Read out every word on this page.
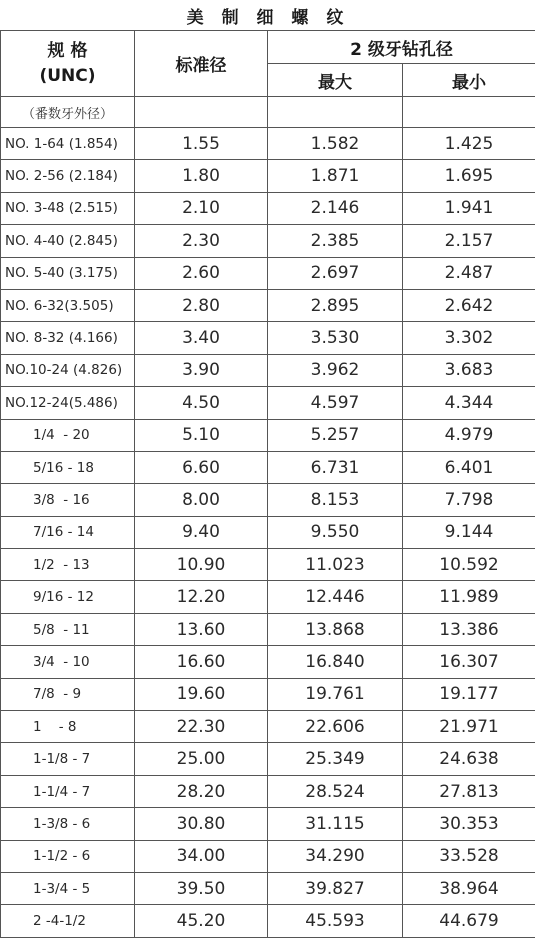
美 制 细 螺 纹			

规 格
(UNC)	标准径	2 级牙钻孔径	
		最大	最小
（番数牙外径）			
NO. 1-64 (1.854)	1.55	1.582	1.425
NO. 2-56 (2.184)	1.80	1.871	1.695
NO. 3-48 (2.515)	2.10	2.146	1.941
NO. 4-40 (2.845)	2.30	2.385	2.157
NO. 5-40 (3.175)	2.60	2.697	2.487
NO. 6-32(3.505)	2.80	2.895	2.642
NO. 8-32 (4.166)	3.40	3.530	3.302
NO.10-24 (4.826)	3.90	3.962	3.683
NO.12-24(5.486)	4.50	4.597	4.344
1/4  - 20	5.10	5.257	4.979
5/16 - 18	6.60	6.731	6.401
3/8  - 16	8.00	8.153	7.798
7/16 - 14	9.40	9.550	9.144
1/2  - 13	10.90	11.023	10.592
9/16 - 12	12.20	12.446	11.989
5/8  - 11	13.60	13.868	13.386
3/4  - 10	16.60	16.840	16.307
7/8  - 9	19.60	19.761	19.177
1    - 8	22.30	22.606	21.971
1-1/8 - 7	25.00	25.349	24.638
1-1/4 - 7	28.20	28.524	27.813
1-3/8 - 6	30.80	31.115	30.353
1-1/2 - 6	34.00	34.290	33.528
1-3/4 - 5	39.50	39.827	38.964
2 -4-1/2	45.20	45.593	44.679
